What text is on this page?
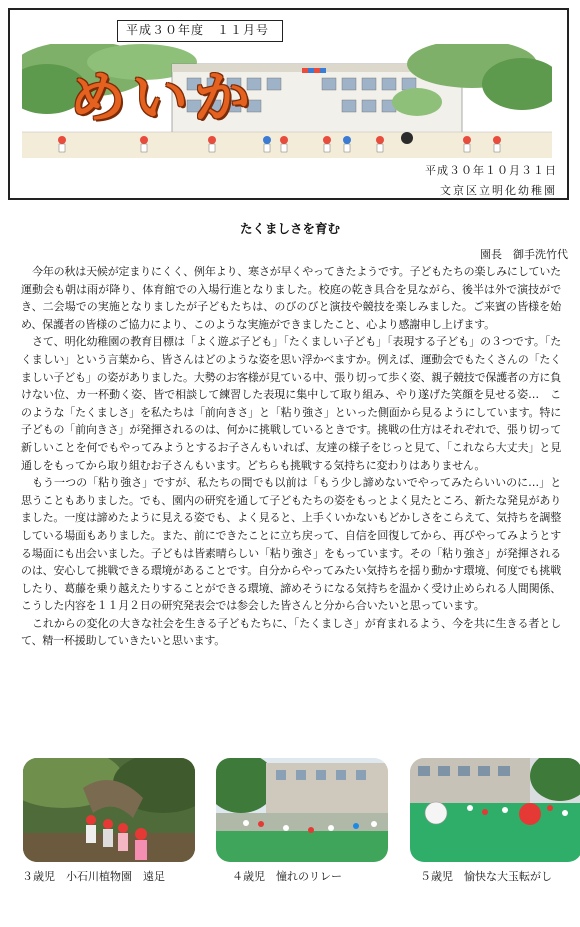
平成３０年度　１１月号
めいか
平成３０年１０月３１日
文京区立明化幼稚園
たくましさを育む
園長　御手洗竹代

今年の秋は天候が定まりにくく、例年より、寒さが早くやってきたようです。子どもたちの楽しみにしていた運動会も朝は雨が降り、体育館での入場行進となりました。校庭の乾き具合を見ながら、後半は外で演技ができ、二会場での実施となりましたが子どもたちは、のびのびと演技や競技を楽しみました。ご来賓の皆様を始め、保護者の皆様のご協力により、このような実施ができましたこと、心より感謝申し上げます。

さて、明化幼稚園の教育目標は「よく遊ぶ子ども」「たくましい子ども」「表現する子ども」の３つです。「たくましい」という言葉から、皆さんはどのような姿を思い浮かべますか。例えば、運動会でもたくさんの「たくましい子ども」の姿がありました。大勢のお客様が見ている中、張り切って歩く姿、親子競技で保護者の方に負けない位、カ一杯動く姿、皆で相談して練習した表現に集中して取り組み、やり遂げた笑顔を見せる姿…　このような「たくましさ」を私たちは「前向きさ」と「粘り強さ」といった側面から見るようにしています。特に子どもの「前向きさ」が発揮されるのは、何かに挑戦しているときです。挑戦の仕方はそれぞれで、張り切って新しいことを何でもやってみようとするお子さんもいれば、友達の様子をじっと見て、「これなら大丈夫」と見通しをもってから取り組むお子さんもいます。どちらも挑戦する気持ちに変わりはありません。

もう一つの「粘り強さ」ですが、私たちの間でも以前は「もう少し諦めないでやってみたらいいのに…」と思うこともありました。でも、園内の研究を通して子どもたちの姿をもっとよく見たところ、新たな発見がありました。一度は諦めたように見える姿でも、よく見ると、上手くいかないもどかしさをこらえて、気持ちを調整している場面もありました。また、前にできたことに立ち戻って、自信を回復してから、再びやってみようとする場面にも出会いました。子どもは皆素晴らしい「粘り強さ」をもっています。その「粘り強さ」が発揮されるのは、安心して挑戦できる環境があることです。自分からやってみたい気持ちを揺り動かす環境、何度でも挑戦したり、葛藤を乗り越えたりすることができる環境、諦めそうになる気持ちを温かく受け止められる人間関係、こうした内容を１１月２日の研究発表会では参会した皆さんと分から合いたいと思っています。

これからの変化の大きな社会を生きる子どもたちに、「たくましさ」が育まれるよう、今を共に生きる者として、精一杯援助していきたいと思います。

３歳児　小石川植物園　遠足	４歳児　憧れのリレー	５歳児　愉快な大玉転がし
